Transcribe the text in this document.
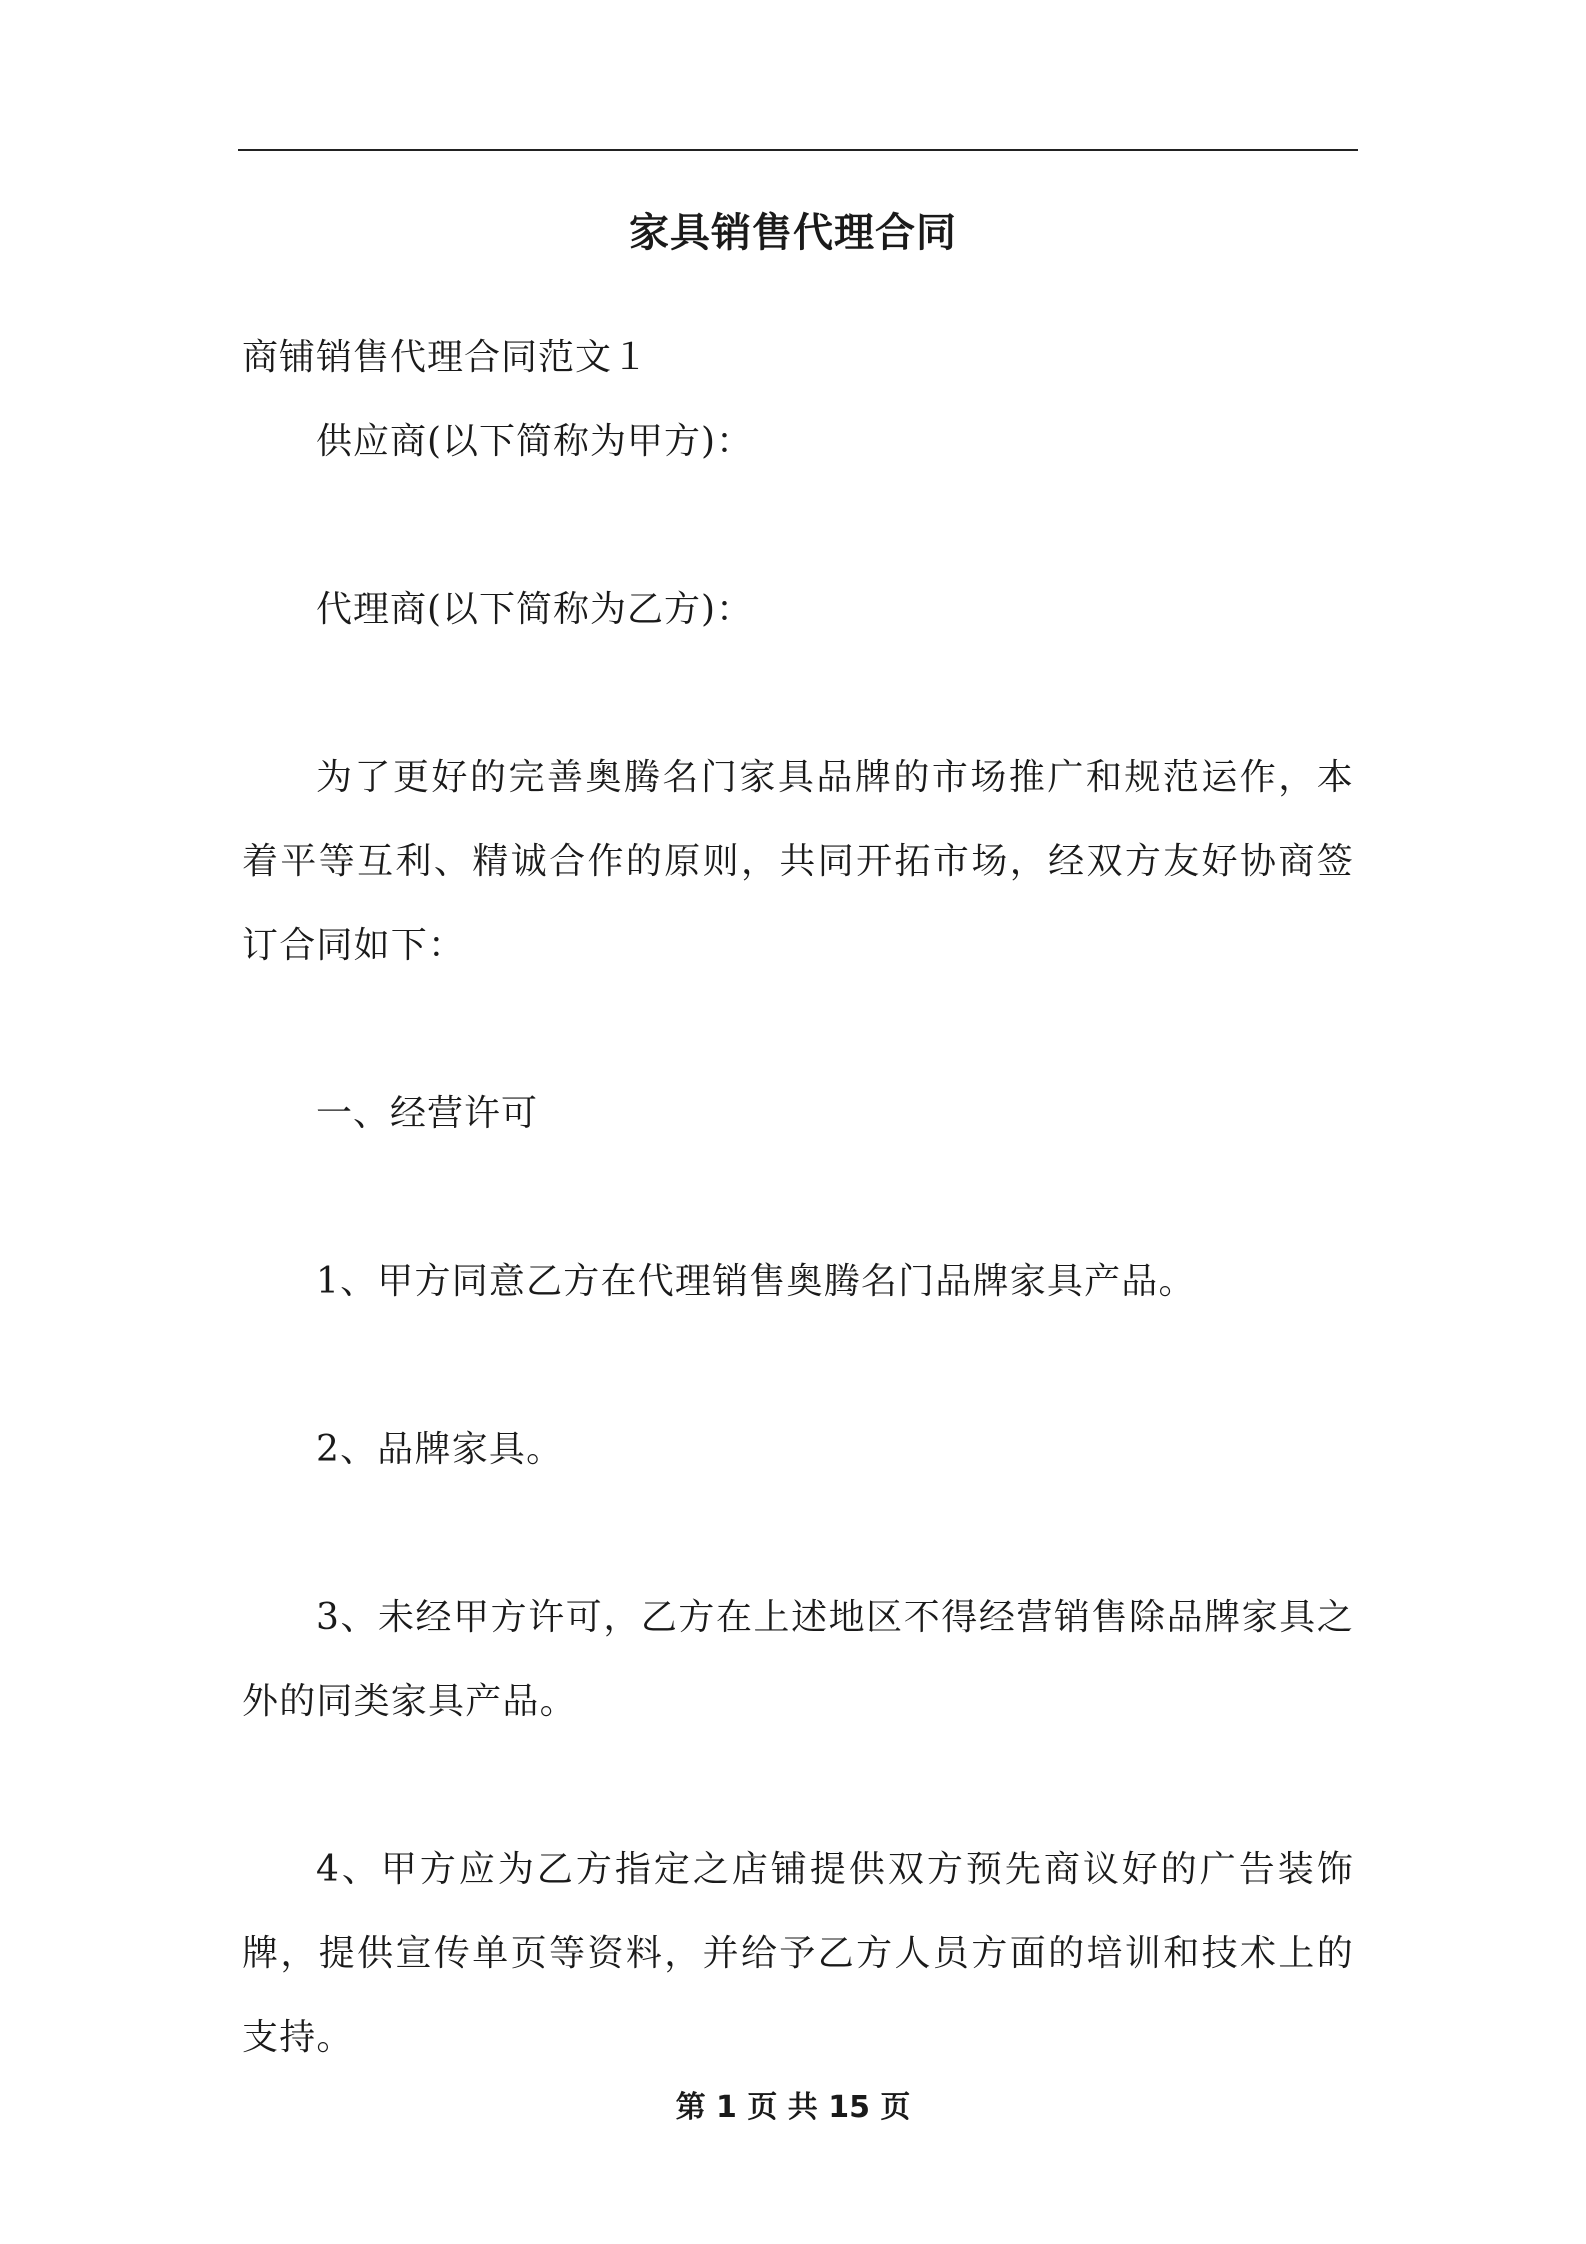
家具销售代理合同
商铺销售代理合同范文１
供应商(以下简称为甲方)：
代理商(以下简称为乙方)：
为了更好的完善奥腾名门家具品牌的市场推广和规范运作，本着平等互利、精诚合作的原则，共同开拓市场，经双方友好协商签订合同如下：
一、经营许可
1、甲方同意乙方在代理销售奥腾名门品牌家具产品。
2、品牌家具。
3、未经甲方许可，乙方在上述地区不得经营销售除品牌家具之外的同类家具产品。
4、甲方应为乙方指定之店铺提供双方预先商议好的广告装饰牌，提供宣传单页等资料，并给予乙方人员方面的培训和技术上的支持。
第 1 页 共 15 页
